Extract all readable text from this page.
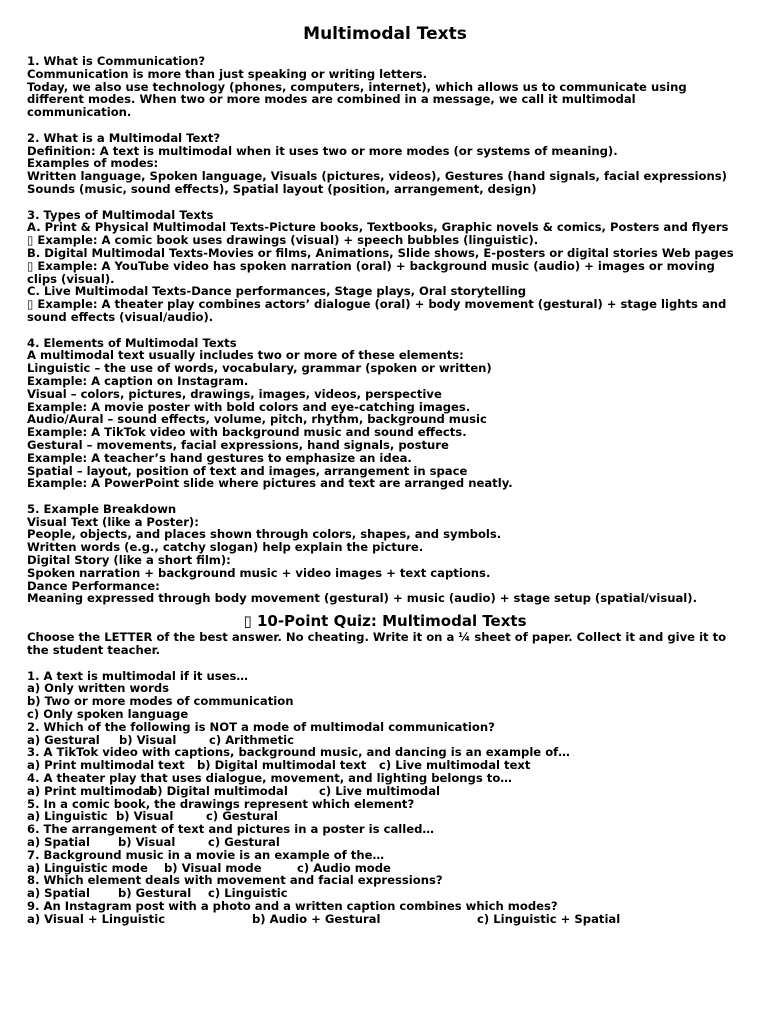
Multimodal Texts
1. What is Communication?
Communication is more than just speaking or writing letters.
Today, we also use technology (phones, computers, internet), which allows us to communicate using different modes. When two or more modes are combined in a message, we call it multimodal communication.
2. What is a Multimodal Text?
Definition: A text is multimodal when it uses two or more modes (or systems of meaning).
Examples of modes:
Written language, Spoken language, Visuals (pictures, videos), Gestures (hand signals, facial expressions)
Sounds (music, sound effects), Spatial layout (position, arrangement, design)
3. Types of Multimodal Texts
A. Print & Physical Multimodal Texts-Picture books, Textbooks, Graphic novels & comics, Posters and flyers
▯ Example: A comic book uses drawings (visual) + speech bubbles (linguistic).
B. Digital Multimodal Texts-Movies or films, Animations, Slide shows, E-posters or digital stories Web pages
▯ Example: A YouTube video has spoken narration (oral) + background music (audio) + images or moving clips (visual).
C. Live Multimodal Texts-Dance performances, Stage plays, Oral storytelling
▯ Example: A theater play combines actors’ dialogue (oral) + body movement (gestural) + stage lights and sound effects (visual/audio).
4. Elements of Multimodal Texts
A multimodal text usually includes two or more of these elements:
Linguistic – the use of words, vocabulary, grammar (spoken or written)
Example: A caption on Instagram.
Visual – colors, pictures, drawings, images, videos, perspective
Example: A movie poster with bold colors and eye-catching images.
Audio/Aural – sound effects, volume, pitch, rhythm, background music
Example: A TikTok video with background music and sound effects.
Gestural – movements, facial expressions, hand signals, posture
Example: A teacher’s hand gestures to emphasize an idea.
Spatial – layout, position of text and images, arrangement in space
Example: A PowerPoint slide where pictures and text are arranged neatly.
5. Example Breakdown
Visual Text (like a Poster):
People, objects, and places shown through colors, shapes, and symbols.
Written words (e.g., catchy slogan) help explain the picture.
Digital Story (like a short film):
Spoken narration + background music + video images + text captions.
Dance Performance:
Meaning expressed through body movement (gestural) + music (audio) + stage setup (spatial/visual).
▯ 10-Point Quiz: Multimodal Texts
Choose the LETTER of the best answer. No cheating. Write it on a ¼ sheet of paper. Collect it and give it to the student teacher.
1. A text is multimodal if it uses…
a) Only written words
b) Two or more modes of communication
c) Only spoken language
2. Which of the following is NOT a mode of multimodal communication?
a) Gestural	b) Visual	c) Arithmetic
3. A TikTok video with captions, background music, and dancing is an example of…
a) Print multimodal text	b) Digital multimodal text	c) Live multimodal text
4. A theater play that uses dialogue, movement, and lighting belongs to…
a) Print multimodal
b) Digital multimodal	c) Live multimodal
5. In a comic book, the drawings represent which element?
a) Linguistic b) Visual	c) Gestural
6. The arrangement of text and pictures in a poster is called…
a) Spatial	b) Visual	c) Gestural
7. Background music in a movie is an example of the…
a) Linguistic mode	b) Visual mode	c) Audio mode
8. Which element deals with movement and facial expressions?
a) Spatial	b) Gestural	c) Linguistic
9. An Instagram post with a photo and a written caption combines which modes?
a) Visual + Linguistic	b) Audio + Gestural	c) Linguistic + Spatial
